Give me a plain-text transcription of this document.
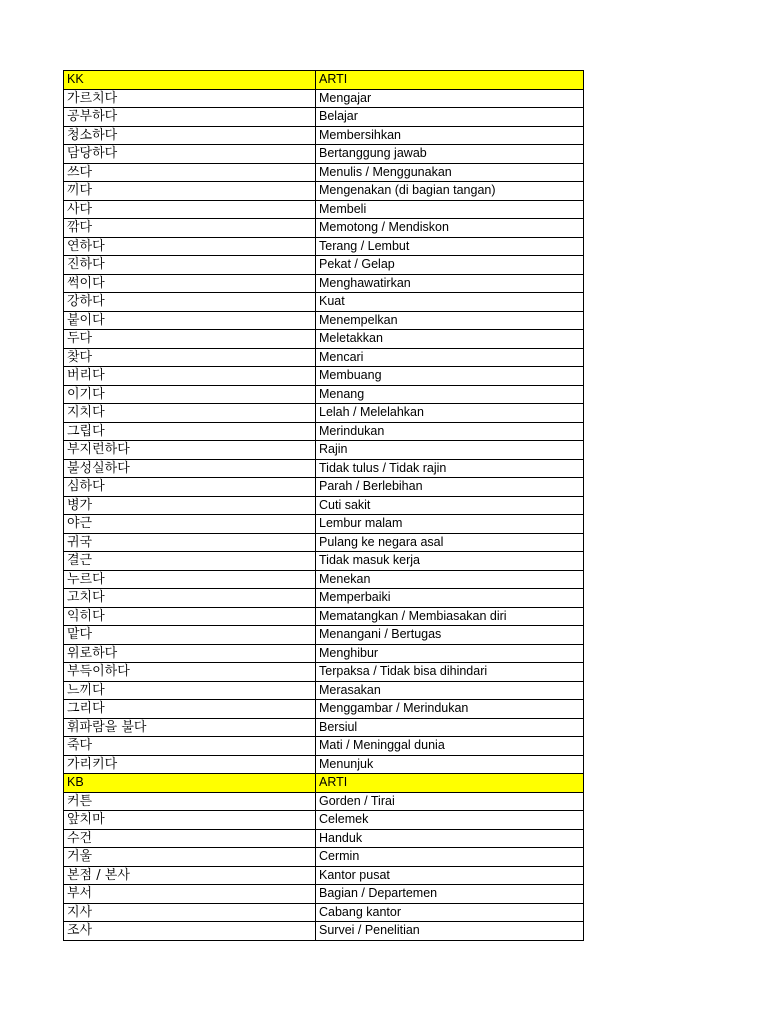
KK	ARTI
가르치다	Mengajar
공부하다	Belajar
청소하다	Membersihkan
담당하다	Bertanggung jawab
쓰다	Menulis / Menggunakan
끼다	Mengenakan (di bagian tangan)
사다	Membeli
깎다	Memotong / Mendiskon
연하다	Terang / Lembut
진하다	Pekat / Gelap
썩이다	Menghawatirkan
강하다	Kuat
붙이다	Menempelkan
두다	Meletakkan
찾다	Mencari
버리다	Membuang
이기다	Menang
지치다	Lelah / Melelahkan
그립다	Merindukan
부지런하다	Rajin
불성실하다	Tidak tulus / Tidak rajin
심하다	Parah / Berlebihan
병가	Cuti sakit
야근	Lembur malam
귀국	Pulang ke negara asal
결근	Tidak masuk kerja
누르다	Menekan
고치다	Memperbaiki
익히다	Mematangkan / Membiasakan diri
맡다	Menangani / Bertugas
위로하다	Menghibur
부득이하다	Terpaksa / Tidak bisa dihindari
느끼다	Merasakan
그리다	Menggambar / Merindukan
휘파람을 불다	Bersiul
죽다	Mati / Meninggal dunia
가리키다	Menunjuk
KB	ARTI
커튼	Gorden / Tirai
앞치마	Celemek
수건	Handuk
거울	Cermin
본점 / 본사	Kantor pusat
부서	Bagian / Departemen
지사	Cabang kantor
조사	Survei / Penelitian
